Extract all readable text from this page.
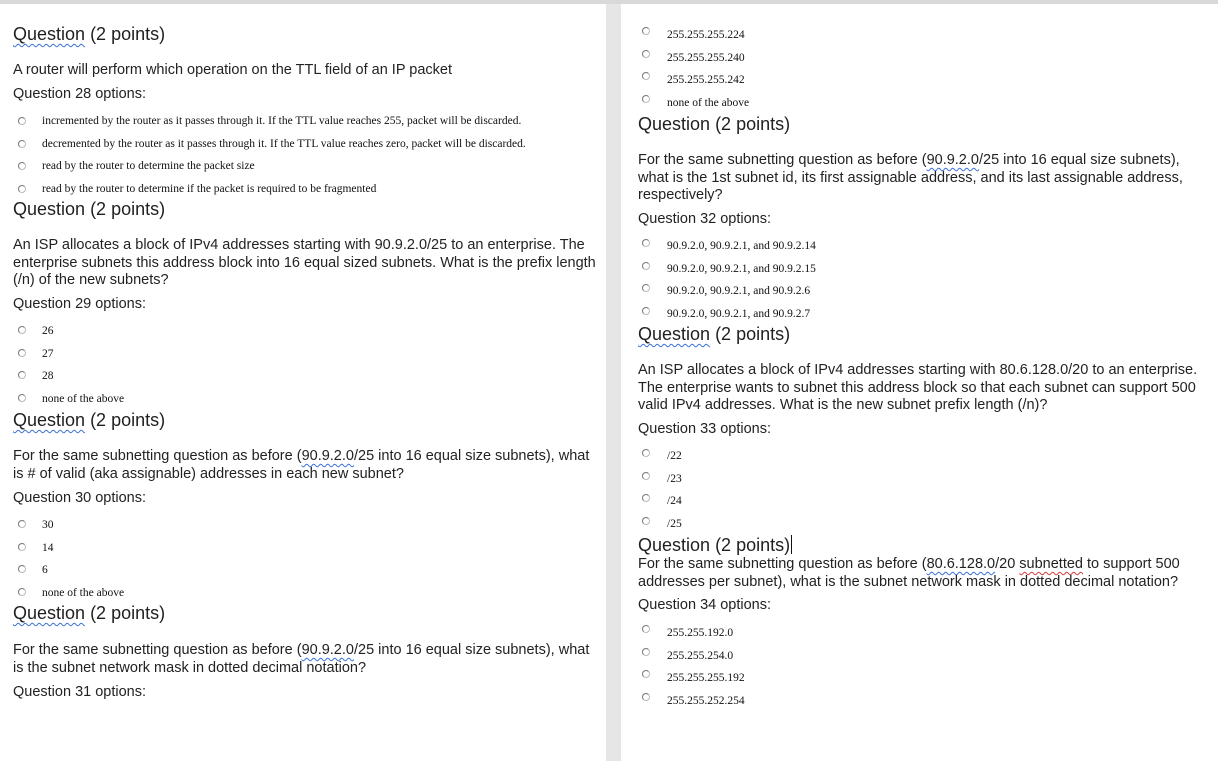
Question (2 points)
A router will perform which operation on the TTL field of an IP packet
Question 28 options:
incremented by the router as it passes through it. If the TTL value reaches 255, packet will be discarded.
decremented by the router as it passes through it. If the TTL value reaches zero, packet will be discarded.
read by the router to determine the packet size
read by the router to determine if the packet is required to be fragmented
Question (2 points)
An ISP allocates a block of IPv4 addresses starting with 90.9.2.0/25 to an enterprise. The enterprise subnets this address block into 16 equal sized subnets. What is the prefix length (/n) of the new subnets?
Question 29 options:
26
27
28
none of the above
Question (2 points)
For the same subnetting question as before (90.9.2.0/25 into 16 equal size subnets), what is # of valid (aka assignable) addresses in each new subnet?
Question 30 options:
30
14
6
none of the above
Question (2 points)
For the same subnetting question as before (90.9.2.0/25 into 16 equal size subnets), what is the subnet network mask in dotted decimal notation?
Question 31 options:
255.255.255.224
255.255.255.240
255.255.255.242
none of the above
Question (2 points)
For the same subnetting question as before (90.9.2.0/25 into 16 equal size subnets), what is the 1st subnet id, its first assignable address, and its last assignable address, respectively?
Question 32 options:
90.9.2.0, 90.9.2.1, and 90.9.2.14
90.9.2.0, 90.9.2.1, and 90.9.2.15
90.9.2.0, 90.9.2.1, and 90.9.2.6
90.9.2.0, 90.9.2.1, and 90.9.2.7
Question (2 points)
An ISP allocates a block of IPv4 addresses starting with 80.6.128.0/20 to an enterprise. The enterprise wants to subnet this address block so that each subnet can support 500 valid IPv4 addresses. What is the new subnet prefix length (/n)?
Question 33 options:
/22
/23
/24
/25
Question (2 points)
For the same subnetting question as before (80.6.128.0/20 subnetted to support 500 addresses per subnet), what is the subnet network mask in dotted decimal notation?
Question 34 options:
255.255.192.0
255.255.254.0
255.255.255.192
255.255.252.254
